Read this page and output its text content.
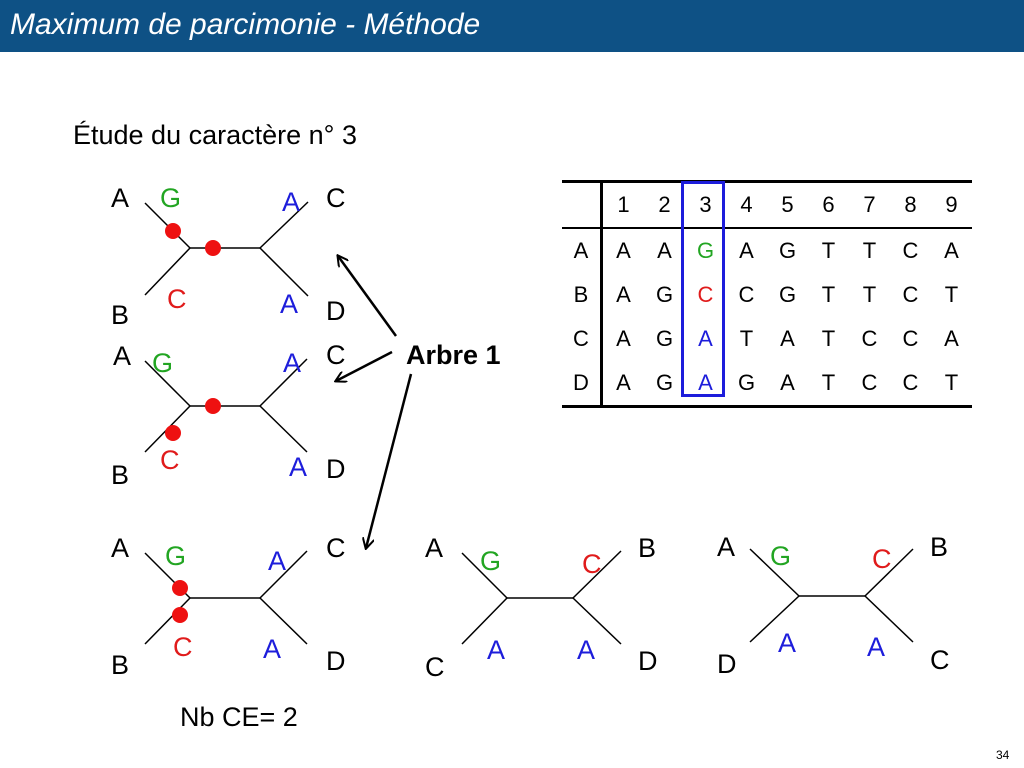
Maximum de parcimonie - Méthode
Étude du caractère n° 3
A	C
B	D
G	A
C	A
A	C
B	D
G	A
C	A
A	C
B	D
G	A
C	A
A	B
C	D
G	C
A	A
A	B
D	C
G	C
A	A
Arbre 1
	1	2	3	4	5	6	7	8	9
A	A	A	G	A	G	T	T	C	A
B	A	G	C	C	G	T	T	C	T
C	A	G	A	T	A	T	C	C	A
D	A	G	A	G	A	T	C	C	T
Nb CE= 2
34
